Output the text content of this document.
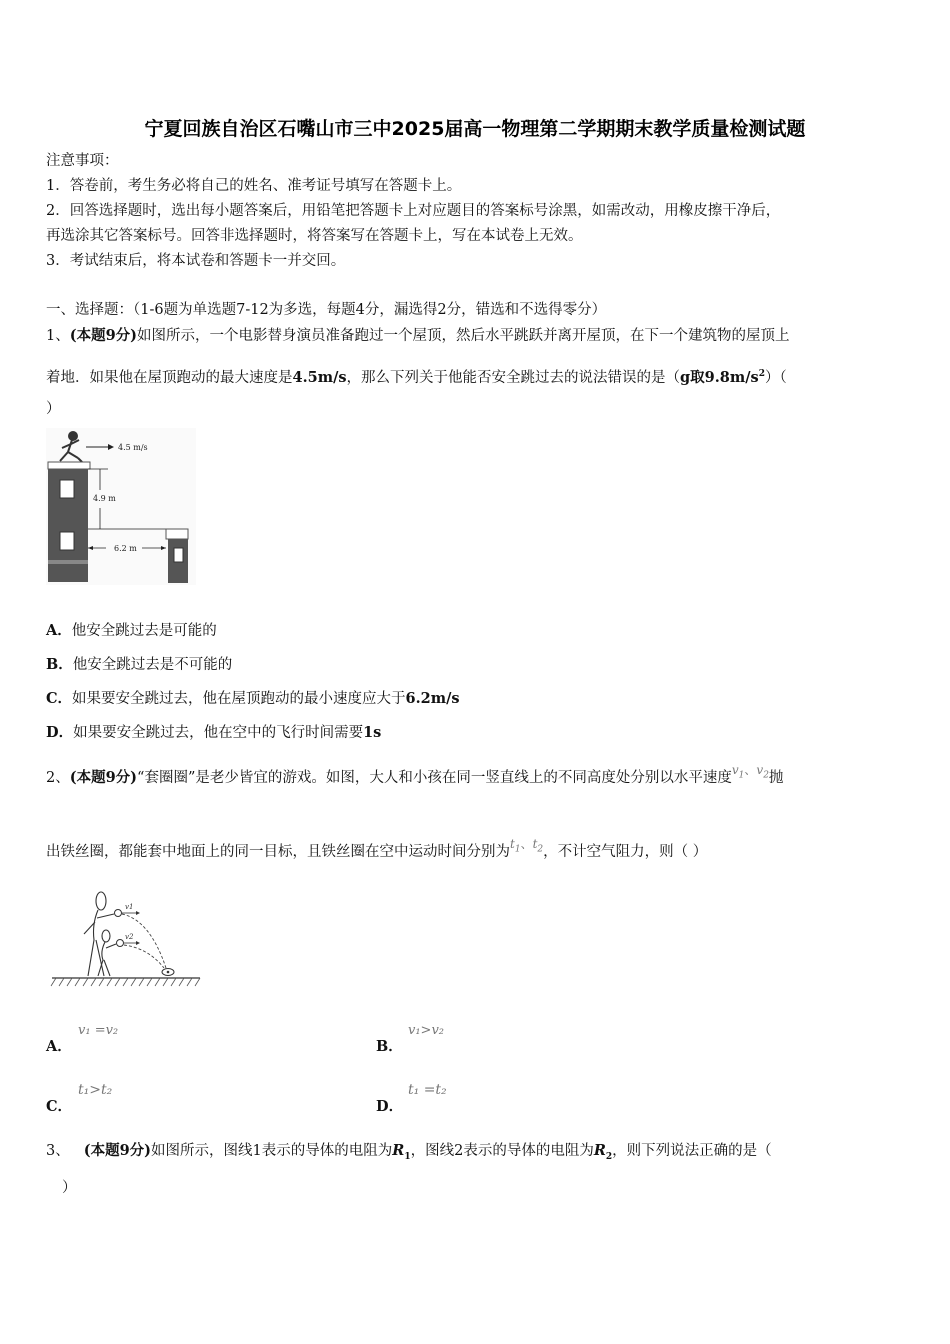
宁夏回族自治区石嘴山市三中2025届高一物理第二学期期末教学质量检测试题
注意事项：
1．答卷前，考生务必将自己的姓名、准考证号填写在答题卡上。
2．回答选择题时，选出每小题答案后，用铅笔把答题卡上对应题目的答案标号涂黑，如需改动，用橡皮擦干净后，
再选涂其它答案标号。回答非选择题时，将答案写在答题卡上，写在本试卷上无效。
3．考试结束后，将本试卷和答题卡一并交回。
一、选择题：（1-6题为单选题7-12为多选，每题4分，漏选得2分，错选和不选得零分）
1、(本题9分)如图所示，一个电影替身演员准备跑过一个屋顶，然后水平跳跃并离开屋顶，在下一个建筑物的屋顶上
着地．如果他在屋顶跑动的最大速度是4.5m/s，那么下列关于他能否安全跳过去的说法错误的是（g取$9.8m/s^2$）（
）
4.5 m/s
4.9 m
6.2 m
A．他安全跳过去是可能的
B．他安全跳过去是不可能的
C．如果要安全跳过去，他在屋顶跑动的最小速度应大于6.2m/s
D．如果要安全跳过去，他在空中的飞行时间需要1s
2、(本题9分)“套圈圈”是老少皆宜的游戏。如图，大人和小孩在同一竖直线上的不同高度处分别以水平速度$^{v_1、v_2}$抛
出铁丝圈，都能套中地面上的同一目标，且铁丝圈在空中运动时间分别为$^{t_1、t_2}$，不计空气阻力，则（ ）
v1
v2
A．
v₁ =v₂
B．
v₁>v₂
C．
t₁>t₂
D．
t₁ =t₂
3、 (本题9分)如图所示，图线1表示的导体的电阻为$R_1$，图线2表示的导体的电阻为$R_2$，则下列说法正确的是（
）
